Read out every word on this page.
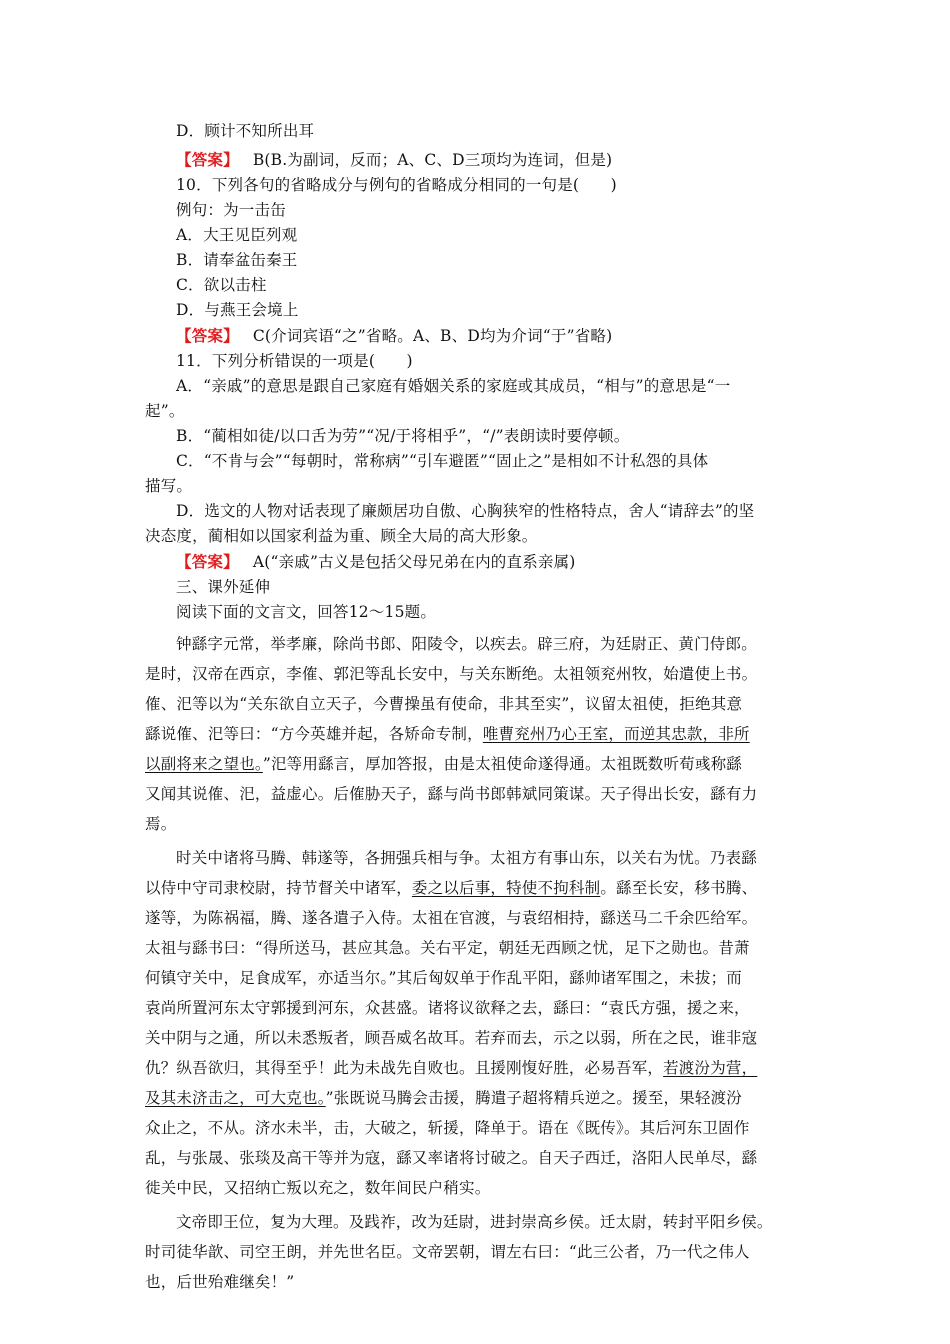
D．顾计不知所出耳
【答案】 B(B.为副词，反而；A、C、D三项均为连词，但是)
10．下列各句的省略成分与例句的省略成分相同的一句是(　　)
例句：为一击缶
A．大王见臣列观
B．请奉盆缶秦王
C．欲以击柱
D．与燕王会境上
【答案】 C(介词宾语“之”省略。A、B、D均为介词“于”省略)
11．下列分析错误的一项是(　　)
A．“亲戚”的意思是跟自己家庭有婚姻关系的家庭或其成员，“相与”的意思是“一
起”。
B．“蔺相如徒/以口舌为劳”“况/于将相乎”，“/”表朗读时要停顿。
C．“不肯与会”“每朝时，常称病”“引车避匿”“固止之”是相如不计私怨的具体
描写。
D．选文的人物对话表现了廉颇居功自傲、心胸狭窄的性格特点，舍人“请辞去”的坚
决态度，蔺相如以国家利益为重、顾全大局的高大形象。
【答案】 A(“亲戚”古义是包括父母兄弟在内的直系亲属)
三、课外延伸
阅读下面的文言文，回答12～15题。
钟繇字元常，举孝廉，除尚书郎、阳陵令，以疾去。辟三府，为廷尉正、黄门侍郎。
是时，汉帝在西京，李傕、郭汜等乱长安中，与关东断绝。太祖领兖州牧，始遣使上书。
傕、汜等以为“关东欲自立天子，今曹操虽有使命，非其至实”，议留太祖使，拒绝其意
繇说傕、汜等曰：“方今英雄并起，各矫命专制，唯曹兖州乃心王室，而逆其忠款，非所
以副将来之望也。”汜等用繇言，厚加答报，由是太祖使命遂得通。太祖既数听荀彧称繇
又闻其说傕、汜，益虚心。后傕胁天子，繇与尚书郎韩斌同策谋。天子得出长安，繇有力
焉。
时关中诸将马腾、韩遂等，各拥强兵相与争。太祖方有事山东，以关右为忧。乃表繇
以侍中守司隶校尉，持节督关中诸军，委之以后事，特使不拘科制。繇至长安，移书腾、
遂等，为陈祸福，腾、遂各遣子入侍。太祖在官渡，与袁绍相持，繇送马二千余匹给军。
太祖与繇书曰：“得所送马，甚应其急。关右平定，朝廷无西顾之忧，足下之勋也。昔萧
何镇守关中，足食成军，亦适当尔。”其后匈奴单于作乱平阳，繇帅诸军围之，未拔；而
袁尚所置河东太守郭援到河东，众甚盛。诸将议欲释之去，繇曰：“袁氏方强，援之来，
关中阴与之通，所以未悉叛者，顾吾威名故耳。若弃而去，示之以弱，所在之民，谁非寇
仇？纵吾欲归，其得至乎！此为未战先自败也。且援刚愎好胜，必易吾军，若渡汾为营，
及其未济击之，可大克也。”张既说马腾会击援，腾遣子超将精兵逆之。援至，果轻渡汾
众止之，不从。济水未半，击，大破之，斩援，降单于。语在《既传》。其后河东卫固作
乱，与张晟、张琰及高干等并为寇，繇又率诸将讨破之。自天子西迁，洛阳人民单尽，繇
徙关中民，又招纳亡叛以充之，数年间民户稍实。
文帝即王位，复为大理。及践祚，改为廷尉，进封崇高乡侯。迁太尉，转封平阳乡侯。
时司徒华歆、司空王朗，并先世名臣。文帝罢朝，谓左右曰：“此三公者，乃一代之伟人
也，后世殆难继矣！”
